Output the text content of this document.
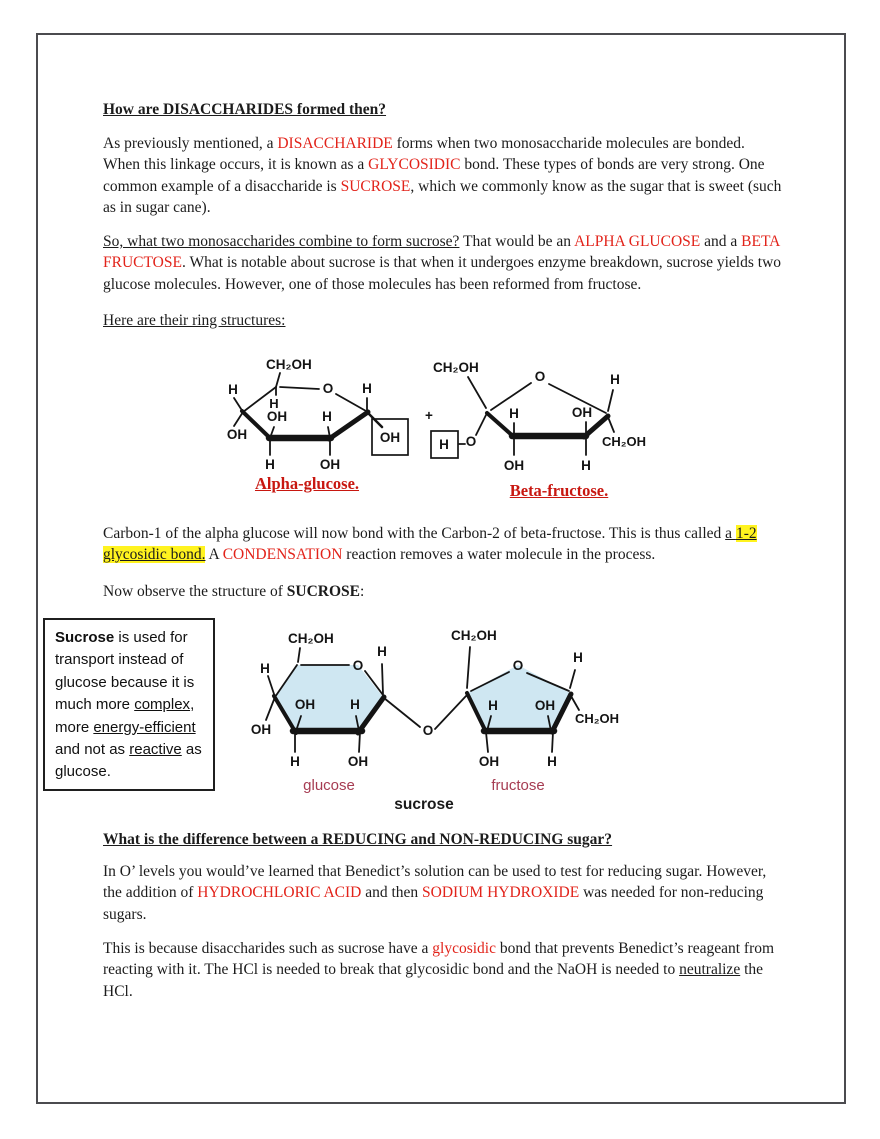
How are DISACCHARIDES formed then?
As previously mentioned, a DISACCHARIDE forms when two monosaccharide molecules are bonded. When this linkage occurs, it is known as a GLYCOSIDIC bond. These types of bonds are very strong. One common example of a disaccharide is SUCROSE, which we commonly know as the sugar that is sweet (such as in sugar cane).
So, what two monosaccharides combine to form sucrose? That would be an ALPHA GLUCOSE and a BETA FRUCTOSE. What is notable about sucrose is that when it undergoes enzyme breakdown, sucrose yields two glucose molecules. However, one of those molecules has been reformed from fructose.
Here are their ring structures:
CH₂OH
O
H
H
OH
OH
H
H
OH
H
OH
+
CH₂OH
O
H O
H
OH
OH
H
H
CH₂OH
Alpha-glucose.	Beta-fructose.
Carbon-1 of the alpha glucose will now bond with the Carbon-2 of beta-fructose. This is thus called a 1-2 glycosidic bond. A CONDENSATION reaction removes a water molecule in the process.
Now observe the structure of SUCROSE:
Sucrose is used for transport instead of glucose because it is much more complex, more energy-efficient and not as reactive as glucose.
CH₂OH
O
H
OH
OH	H
H	OH
H
O
CH₂OH
O
H
H	OH
OH	H
CH₂OH
glucose	fructose
sucrose
What is the difference between a REDUCING and NON-REDUCING sugar?
In O’ levels you would’ve learned that Benedict’s solution can be used to test for reducing sugar. However, the addition of HYDROCHLORIC ACID and then SODIUM HYDROXIDE was needed for non-reducing sugars.
This is because disaccharides such as sucrose have a glycosidic bond that prevents Benedict’s reageant from reacting with it. The HCl is needed to break that glycosidic bond and the NaOH is needed to neutralize the HCl.
